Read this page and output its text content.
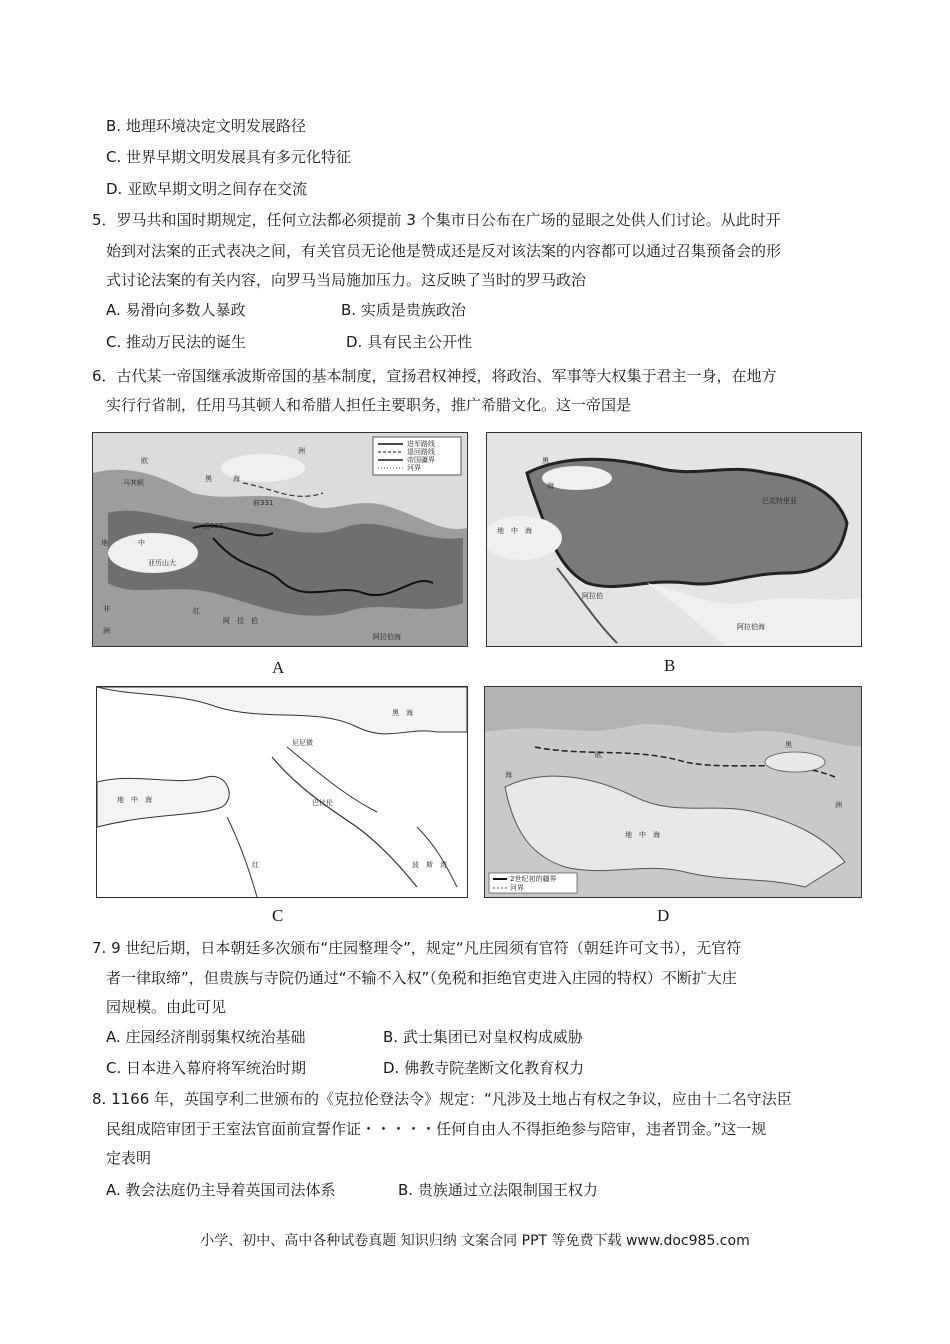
B. 地理环境决定文明发展路径
C. 世界早期文明发展具有多元化特征
D. 亚欧早期文明之间存在交流
5．罗马共和国时期规定，任何立法都必须提前 3 个集市日公布在广场的显眼之处供人们讨论。从此时开
始到对法案的正式表决之间，有关官员无论他是赞成还是反对该法案的内容都可以通过召集预备会的形
式讨论法案的有关内容，向罗马当局施加压力。这反映了当时的罗马政治
A. 易滑向多数人暴政	B. 实质是贵族政治
C. 推动万民法的诞生	D. 具有民主公开性
6．古代某一帝国继承波斯帝国的基本制度，宣扬君权神授，将政治、军事等大权集于君主一身，在地方
实行行省制，任用马其顿人和希腊人担任主要职务，推广希腊文化。这一帝国是
进军路线
退回路线
帝国疆界
河界
欧
马其顿	黑	海
洲
地	中
亚历山大
前333
前331
非
洲
红
阿　拉　伯
阿拉伯海
A
黑
海
地　中　海
阿拉伯
阿拉伯海
巴克特里亚
B
黑　海
地　中　海
尼尼微
巴比伦
红	波　斯　湾
C
2世纪初的疆界
河界
欧
海
地　中　海
黑
洲
D
7. 9 世纪后期，日本朝廷多次颁布“庄园整理令”，规定“凡庄园须有官符（朝廷许可文书），无官符
者一律取缔”，但贵族与寺院仍通过“不输不入权”（免税和拒绝官吏进入庄园的特权）不断扩大庄
园规模。由此可见
A. 庄园经济削弱集权统治基础	B. 武士集团已对皇权构成威胁
C. 日本进入幕府将军统治时期	D. 佛教寺院垄断文化教育权力
8. 1166 年，英国亨利二世颁布的《克拉伦登法令》规定：“凡涉及土地占有权之争议，应由十二名守法臣
民组成陪审团于王室法官面前宣誓作证・・・・・任何自由人不得拒绝参与陪审，违者罚金。”这一规
定表明
A. 教会法庭仍主导着英国司法体系	B. 贵族通过立法限制国王权力
小学、初中、高中各种试卷真题 知识归纳 文案合同 PPT 等免费下载 www.doc985.com
